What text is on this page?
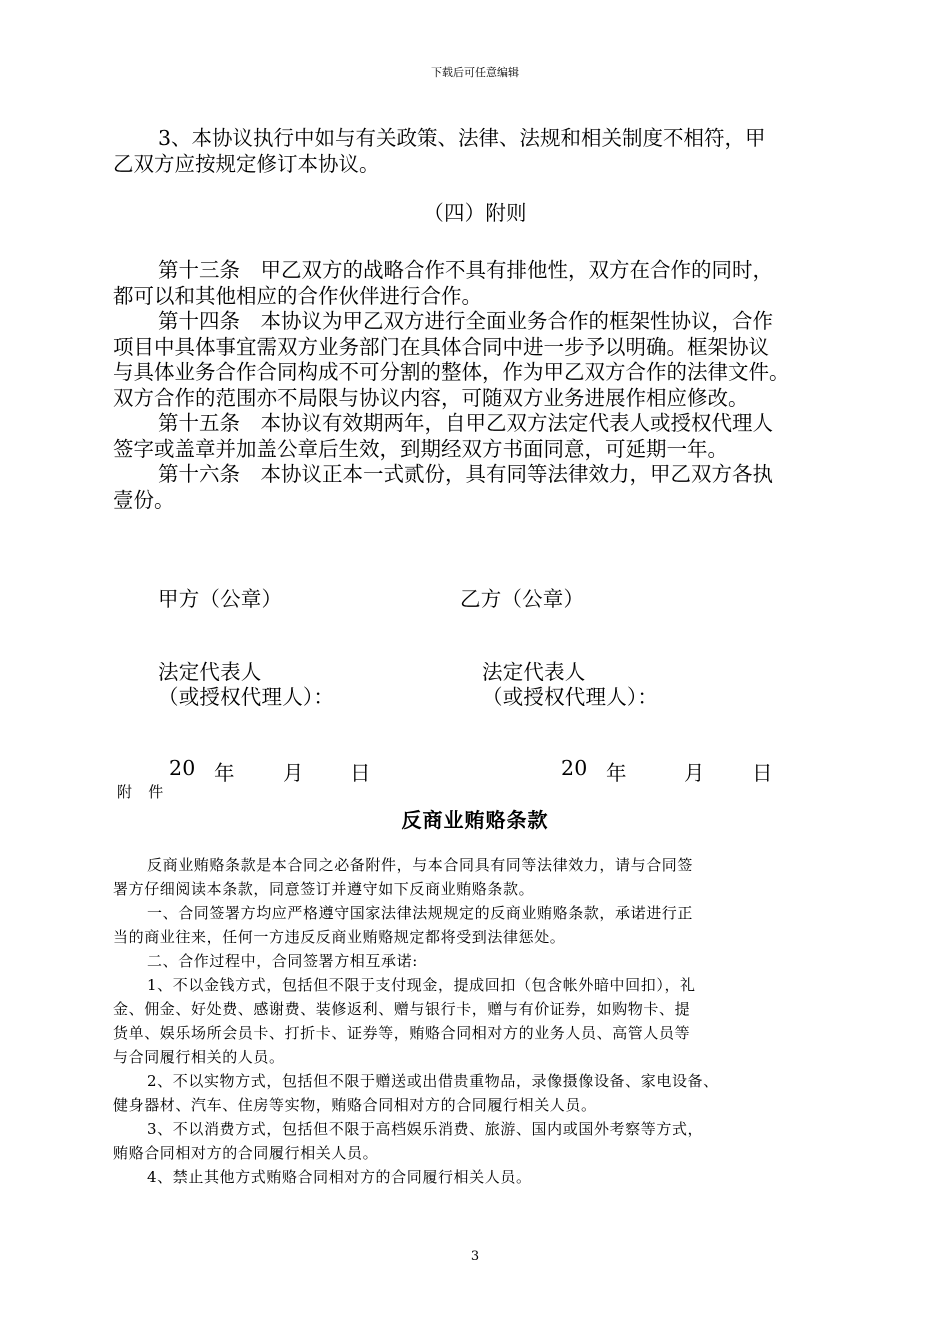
下载后可任意编辑
3、本协议执行中如与有关政策、法律、法规和相关制度不相符，甲
乙双方应按规定修订本协议。
（四）附则
第十三条　甲乙双方的战略合作不具有排他性，双方在合作的同时，
都可以和其他相应的合作伙伴进行合作。
第十四条　本协议为甲乙双方进行全面业务合作的框架性协议，合作
项目中具体事宜需双方业务部门在具体合同中进一步予以明确。框架协议
与具体业务合作合同构成不可分割的整体，作为甲乙双方合作的法律文件。
双方合作的范围亦不局限与协议内容，可随双方业务进展作相应修改。
第十五条　本协议有效期两年，自甲乙双方法定代表人或授权代理人
签字或盖章并加盖公章后生效，到期经双方书面同意，可延期一年。
第十六条　本协议正本一式贰份，具有同等法律效力，甲乙双方各执
壹份。
甲方（公章）	乙方（公章）
法定代表人
（或授权代理人）：
法定代表人
（或授权代理人）：
20 年 月 日	20 年	月 日
附　件
反商业贿赂条款
反商业贿赂条款是本合同之必备附件，与本合同具有同等法律效力，请与合同签
署方仔细阅读本条款，同意签订并遵守如下反商业贿赂条款。
一、合同签署方均应严格遵守国家法律法规规定的反商业贿赂条款，承诺进行正
当的商业往来，任何一方违反反商业贿赂规定都将受到法律惩处。
二、合作过程中，合同签署方相互承诺:
1、不以金钱方式，包括但不限于支付现金，提成回扣（包含帐外暗中回扣），礼
金、佣金、好处费、感谢费、装修返利、赠与银行卡，赠与有价证券，如购物卡、提
货单、娱乐场所会员卡、打折卡、证券等，贿赂合同相对方的业务人员、高管人员等
与合同履行相关的人员。
2、不以实物方式，包括但不限于赠送或出借贵重物品，录像摄像设备、家电设备、
健身器材、汽车、住房等实物，贿赂合同相对方的合同履行相关人员。
3、不以消费方式，包括但不限于高档娱乐消费、旅游、国内或国外考察等方式，
贿赂合同相对方的合同履行相关人员。
4、禁止其他方式贿赂合同相对方的合同履行相关人员。
3
